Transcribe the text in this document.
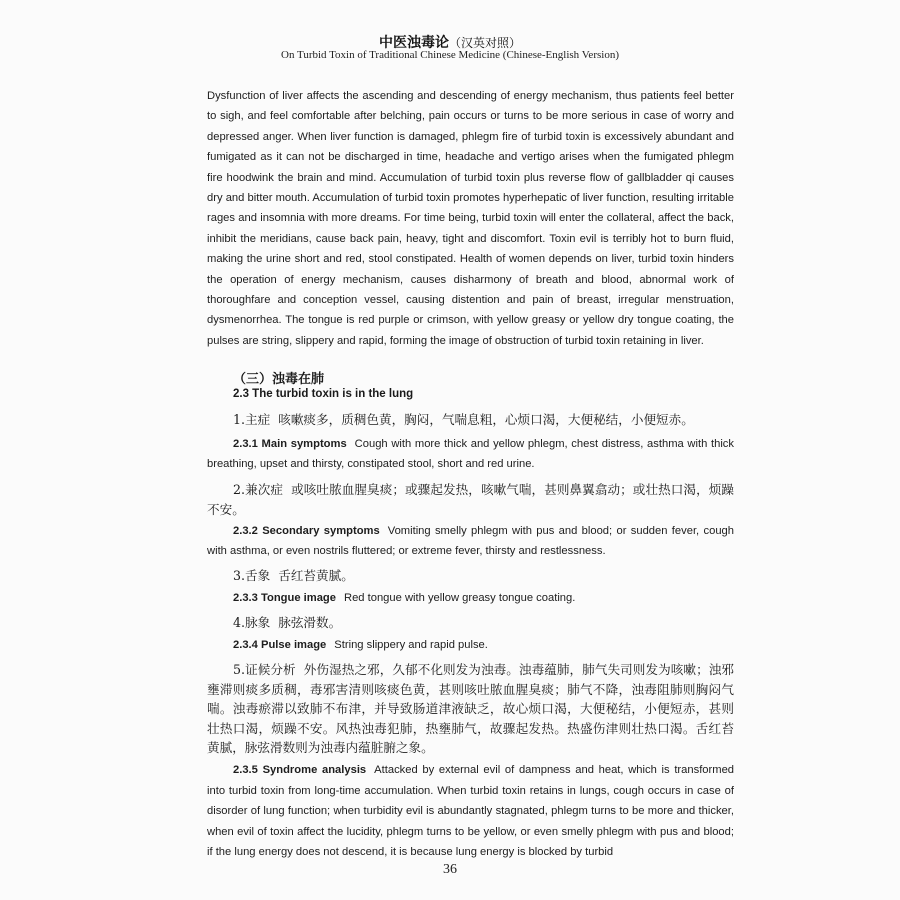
中医浊毒论（汉英对照）
On Turbid Toxin of Traditional Chinese Medicine (Chinese-English Version)

Dysfunction of liver affects the ascending and descending of energy mechanism, thus patients feel better to sigh, and feel comfortable after belching, pain occurs or turns to be more serious in case of worry and depressed anger. When liver function is damaged, phlegm fire of turbid toxin is excessively abundant and fumigated as it can not be discharged in time, headache and vertigo arises when the fumigated phlegm fire hoodwink the brain and mind. Accumulation of turbid toxin plus reverse flow of gallbladder qi causes dry and bitter mouth. Accumulation of turbid toxin promotes hyperhepatic of liver function, resulting irritable rages and insomnia with more dreams. For time being, turbid toxin will enter the collateral, affect the back, inhibit the meridians, cause back pain, heavy, tight and discomfort. Toxin evil is terribly hot to burn fluid, making the urine short and red, stool constipated. Health of women depends on liver, turbid toxin hinders the operation of energy mechanism, causes disharmony of breath and blood, abnormal work of thoroughfare and conception vessel, causing distention and pain of breast, irregular menstruation, dysmenorrhea. The tongue is red purple or crimson, with yellow greasy or yellow dry tongue coating, the pulses are string, slippery and rapid, forming the image of obstruction of turbid toxin retaining in liver.

（三）浊毒在肺
2.3 The turbid toxin is in the lung

1.主症 咳嗽痰多，质稠色黄，胸闷，气喘息粗，心烦口渴，大便秘结，小便短赤。

2.3.1 Main symptoms Cough with more thick and yellow phlegm, chest distress, asthma with thick breathing, upset and thirsty, constipated stool, short and red urine.

2.兼次症 或咳吐脓血腥臭痰；或骤起发热，咳嗽气喘，甚则鼻翼翕动；或壮热口渴，烦躁不安。

2.3.2 Secondary symptoms Vomiting smelly phlegm with pus and blood; or sudden fever, cough with asthma, or even nostrils fluttered; or extreme fever, thirsty and restlessness.

3.舌象 舌红苔黄腻。

2.3.3 Tongue image Red tongue with yellow greasy tongue coating.

4.脉象 脉弦滑数。

2.3.4 Pulse image String slippery and rapid pulse.

5.证候分析 外伤湿热之邪，久郁不化则发为浊毒。浊毒蕴肺，肺气失司则发为咳嗽；浊邪壅滞则痰多质稠，毒邪害清则咳痰色黄，甚则咳吐脓血腥臭痰；肺气不降，浊毒阻肺则胸闷气喘。浊毒瘀滞以致肺不布津，并导致肠道津液缺乏，故心烦口渴，大便秘结，小便短赤，甚则壮热口渴，烦躁不安。风热浊毒犯肺，热壅肺气，故骤起发热。热盛伤津则壮热口渴。舌红苔黄腻，脉弦滑数则为浊毒内蕴脏腑之象。

2.3.5 Syndrome analysis Attacked by external evil of dampness and heat, which is transformed into turbid toxin from long-time accumulation. When turbid toxin retains in lungs, cough occurs in case of disorder of lung function; when turbidity evil is abundantly stagnated, phlegm turns to be more and thicker, when evil of toxin affect the lucidity, phlegm turns to be yellow, or even smelly phlegm with pus and blood; if the lung energy does not descend, it is because lung energy is blocked by turbid

36
